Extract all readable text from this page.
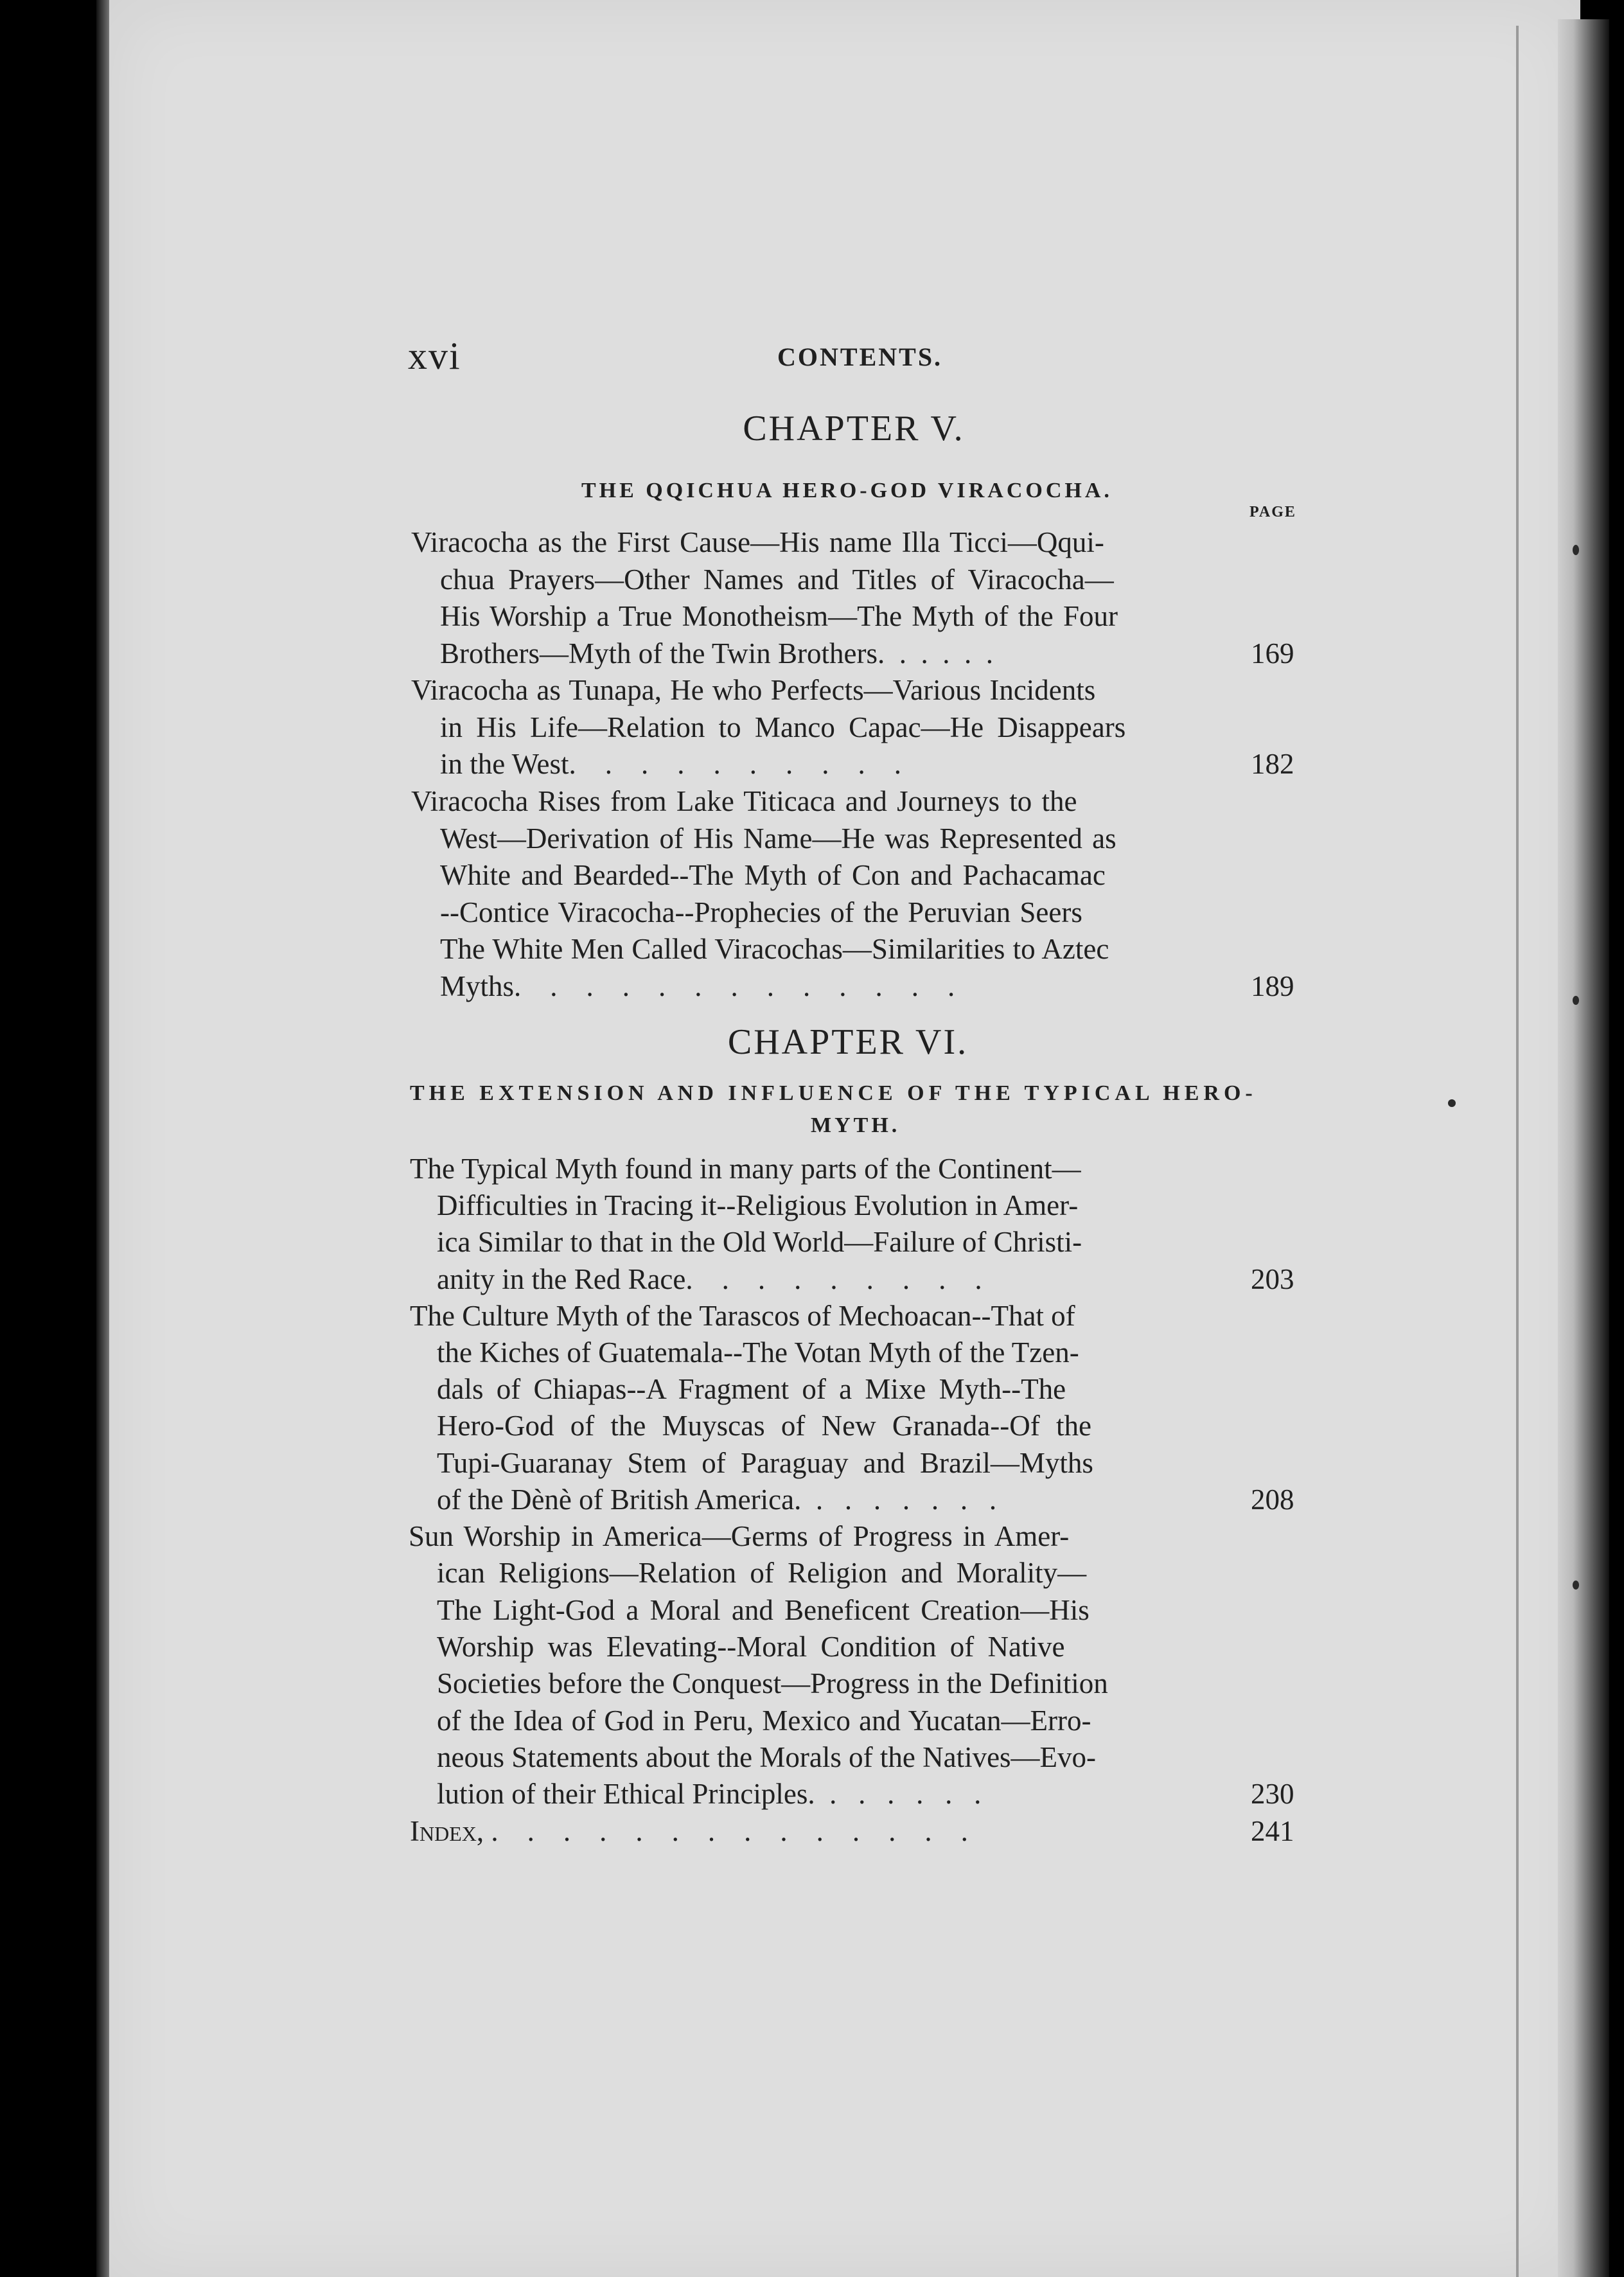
xvi	CONTENTS.
CHAPTER V.
THE QQICHUA HERO-GOD VIRACOCHA.
PAGE
Viracocha as the First Cause—His name Illa Ticci—Qqui-
chua Prayers—Other Names and Titles of Viracocha—
His Worship a True Monotheism—The Myth of the Four
Brothers—Myth of the Twin Brothers.  .  .  .  .  .	169
Viracocha as Tunapa, He who Perfects—Various Incidents
in His Life—Relation to Manco Capac—He Disappears
in the West.    .    .    .    .    .    .    .    .    .	182
Viracocha Rises from Lake Titicaca and Journeys to the
West—Derivation of His Name—He was Represented as
White and Bearded--The Myth of Con and Pachacamac
--Contice Viracocha--Prophecies of the Peruvian Seers
The White Men Called Viracochas—Similarities to Aztec
Myths.    .    .    .    .    .    .    .    .    .    .    .    .	189
CHAPTER VI.
THE EXTENSION AND INFLUENCE OF THE TYPICAL HERO-
MYTH.
The Typical Myth found in many parts of the Continent—
Difficulties in Tracing it--Religious Evolution in Amer-
ica Similar to that in the Old World—Failure of Christi-
anity in the Red Race.    .    .    .    .    .    .    .    .	203
The Culture Myth of the Tarascos of Mechoacan--That of
the Kiches of Guatemala--The Votan Myth of the Tzen-
dals of Chiapas--A Fragment of a Mixe Myth--The
Hero-God of the Muyscas of New Granada--Of the
Tupi-Guaranay Stem of Paraguay and Brazil—Myths
of the Dènè of British America.  .   .   .   .   .   .   .	208
Sun Worship in America—Germs of Progress in Amer-
ican Religions—Relation of Religion and Morality—
The Light-God a Moral and Beneficent Creation—His
Worship was Elevating--Moral Condition of Native
Societies before the Conquest—Progress in the Definition
of the Idea of God in Peru, Mexico and Yucatan—Erro-
neous Statements about the Morals of the Natives—Evo-
lution of their Ethical Principles.  .   .   .   .   .   .	230
Index, .    .    .    .    .    .    .    .    .    .    .    .    .    .	241
